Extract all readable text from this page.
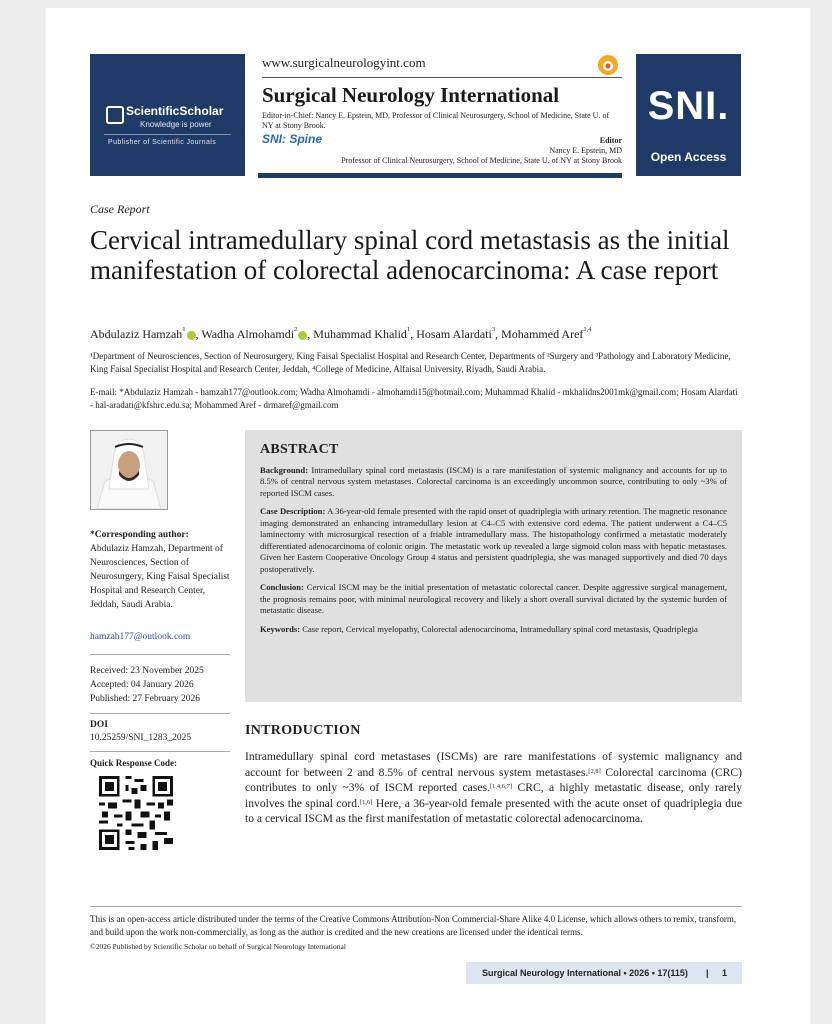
ScientificScholar
Knowledge is power
Publisher of Scientific Journals
www.surgicalneurologyint.com
Surgical Neurology International
Editor-in-Chief: Nancy E. Epstein, MD, Professor of Clinical Neurosurgery, School of Medicine, State U. of NY at Stony Brook.
SNI: Spine	Editor
Nancy E. Epstein, MD
Professor of Clinical Neurosurgery, School of Medicine, State U. of NY at Stony Brook
SNI.
Open Access
Case Report
Cervical intramedullary spinal cord metastasis as the initial manifestation of colorectal adenocarcinoma: A case report
Abdulaziz Hamzah$^1$ , Wadha Almohamdi$^2$ , Muhammad Khalid$^1$, Hosam Alardati$^3$, Mohammed Aref$^{1,4}$
¹Department of Neurosciences, Section of Neurosurgery, King Faisal Specialist Hospital and Research Center, Departments of ²Surgery and ³Pathology and Laboratory Medicine, King Faisal Specialist Hospital and Research Center, Jeddah, ⁴College of Medicine, Alfaisal University, Riyadh, Saudi Arabia.
E-mail: *Abdulaziz Hamzah - hamzah177@outlook.com; Wadha Almohamdi - almohamdi15@hotmail.com; Muhammad Khalid - mkhalidns2001mk@gmail.com; Hosam Alardati - hal-aradati@kfshrc.edu.sa; Mohammed Aref - drmaref@gmail.com
*Corresponding author:
Abdulaziz Hamzah, Department of Neurosciences, Section of Neurosurgery, King Faisal Specialist Hospital and Research Center, Jeddah, Saudi Arabia.
hamzah177@outlook.com
Received: 23 November 2025
Accepted: 04 January 2026
Published: 27 February 2026
DOI
10.25259/SNI_1283_2025
Quick Response Code:
ABSTRACT

Background: Intramedullary spinal cord metastasis (ISCM) is a rare manifestation of systemic malignancy and accounts for up to 8.5% of central nervous system metastases. Colorectal carcinoma is an exceedingly uncommon source, contributing to only ~3% of reported ISCM cases.

Case Description: A 36-year-old female presented with the rapid onset of quadriplegia with urinary retention. The magnetic resonance imaging demonstrated an enhancing intramedullary lesion at C4–C5 with extensive cord edema. The patient underwent a C4–C5 laminectomy with microsurgical resection of a friable intramedullary mass. The histopathology confirmed a metastatic moderately differentiated adenocarcinoma of colonic origin. The metastatic work up revealed a large sigmoid colon mass with hepatic metastases. Given her Eastern Cooperative Oncology Group 4 status and persistent quadriplegia, she was managed supportively and died 70 days postoperatively.

Conclusion: Cervical ISCM may be the initial presentation of metastatic colorectal cancer. Despite aggressive surgical management, the prognosis remains poor, with minimal neurological recovery and likely a short overall survival dictated by the systemic burden of metastatic disease.

Keywords: Case report, Cervical myelopathy, Colorectal adenocarcinoma, Intramedullary spinal cord metastasis, Quadriplegia

INTRODUCTION
Intramedullary spinal cord metastases (ISCMs) are rare manifestations of systemic malignancy and account for between 2 and 8.5% of central nervous system metastases.[2,8] Colorectal carcinoma (CRC) contributes to only ~3% of ISCM reported cases.[1,4,6,7] CRC, a highly metastatic disease, only rarely involves the spinal cord.[1,6] Here, a 36-year-old female presented with the acute onset of quadriplegia due to a cervical ISCM as the first manifestation of metastatic colorectal adenocarcinoma.
This is an open-access article distributed under the terms of the Creative Commons Attribution-Non Commercial-Share Alike 4.0 License, which allows others to remix, transform, and build upon the work non-commercially, as long as the author is credited and the new creations are licensed under the identical terms.
©2026 Published by Scientific Scholar on behalf of Surgical Neurology International
Surgical Neurology International • 2026 • 17(115) | 1
